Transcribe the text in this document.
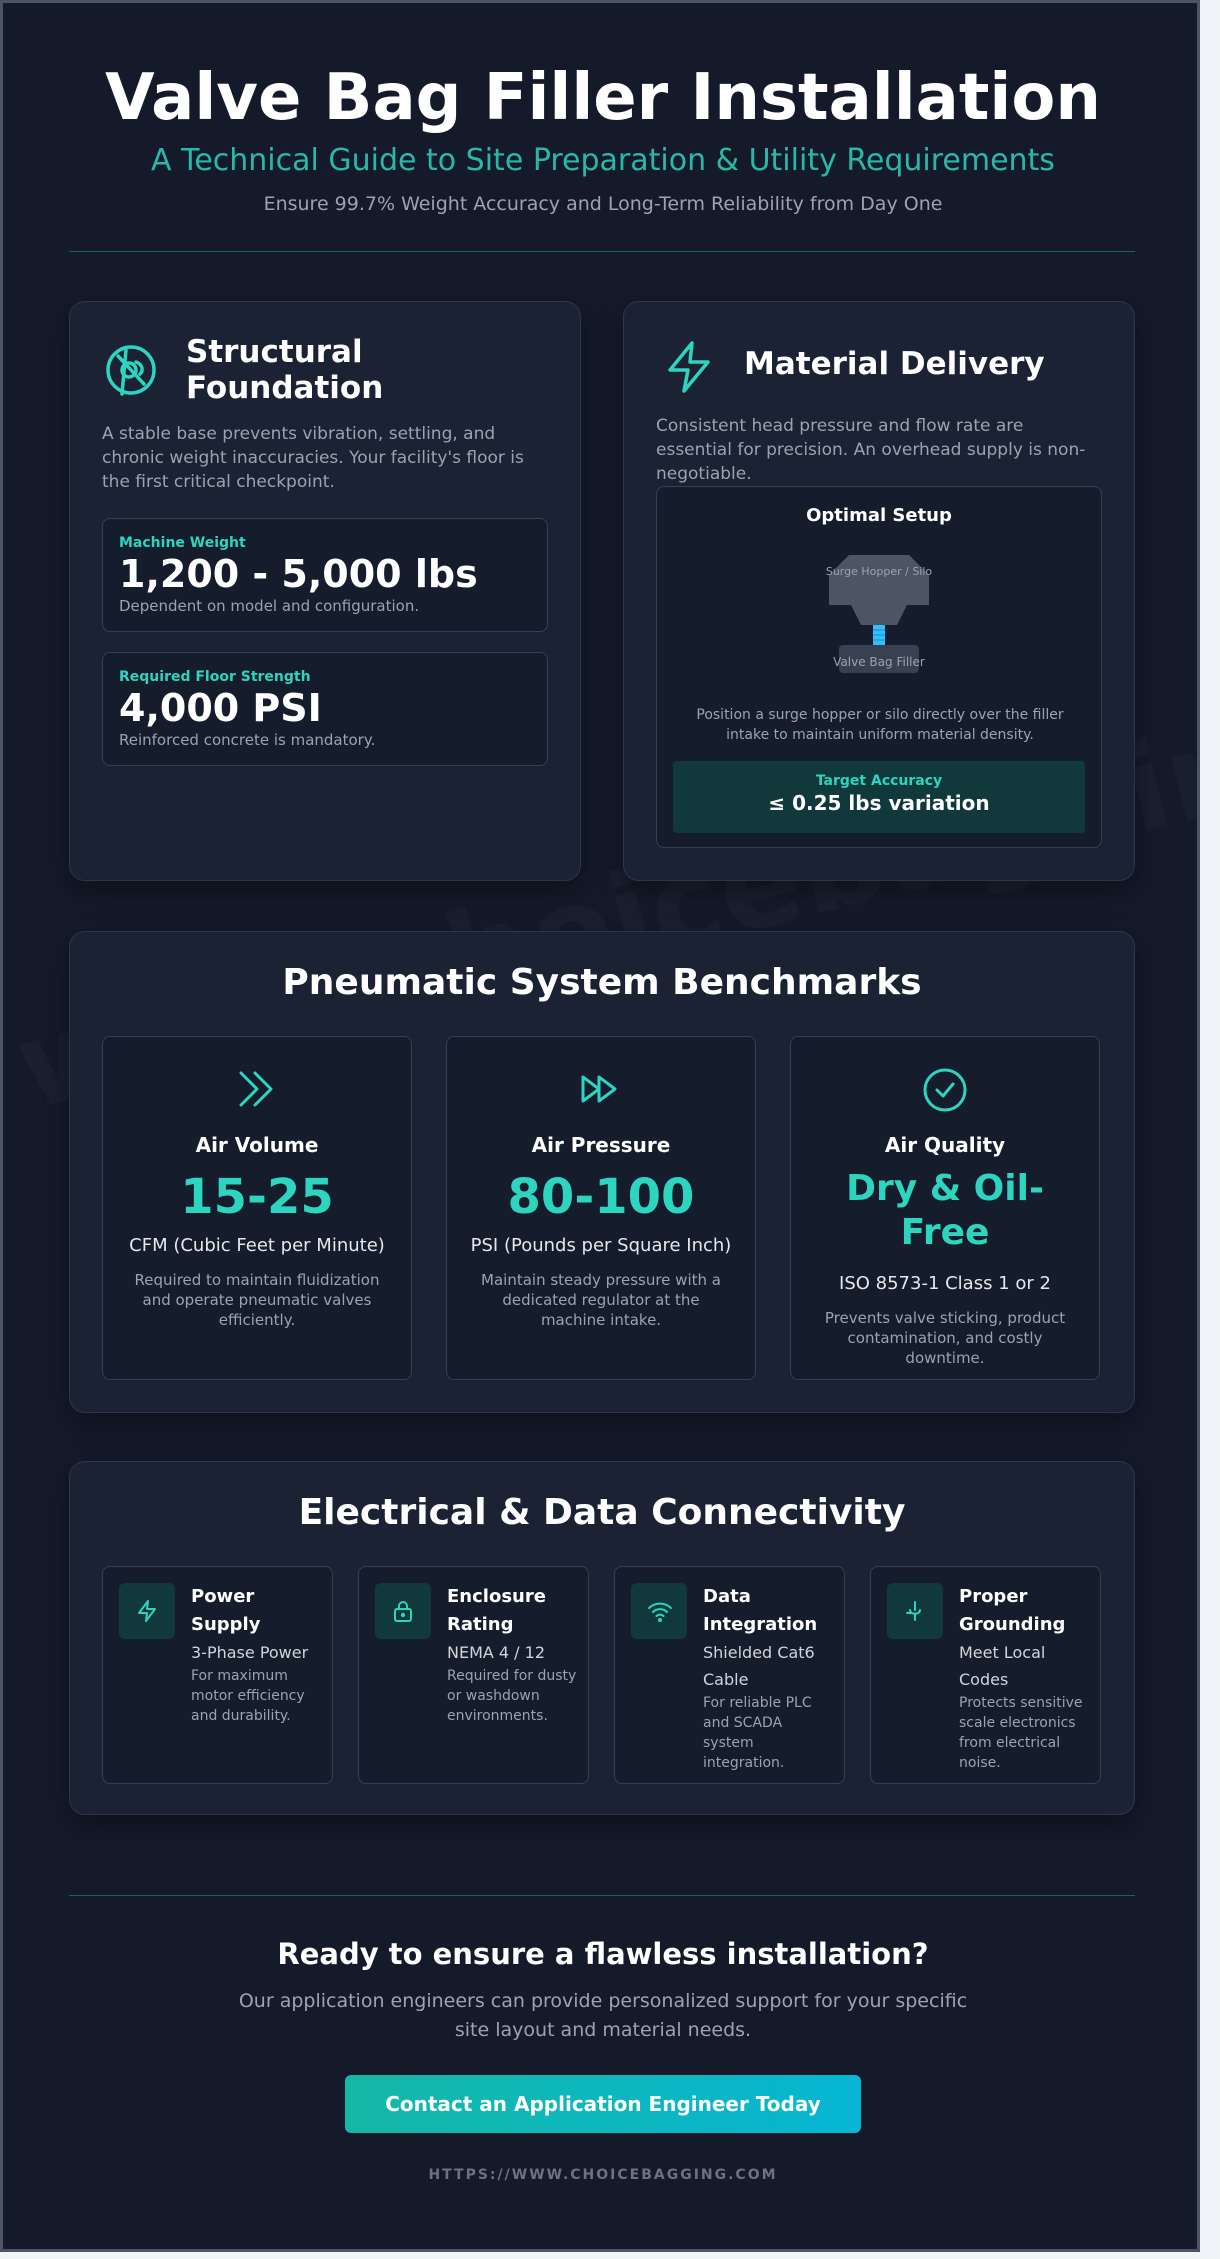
Valve Bag Filler Installation
A Technical Guide to Site Preparation & Utility Requirements
Ensure 99.7% Weight Accuracy and Long-Term Reliability from Day One
Structural Foundation
A stable base prevents vibration, settling, and chronic weight inaccuracies. Your facility's floor is the first critical checkpoint.
Machine Weight
1,200 - 5,000 lbs
Dependent on model and configuration.
Required Floor Strength
4,000 PSI
Reinforced concrete is mandatory.
Material Delivery
Consistent head pressure and flow rate are essential for precision. An overhead supply is non-negotiable.
Optimal Setup
Surge Hopper / Silo
Valve Bag Filler
Position a surge hopper or silo directly over the filler intake to maintain uniform material density.
Target Accuracy
≤ 0.25 lbs variation
Pneumatic System Benchmarks
Air Volume
15-25
CFM (Cubic Feet per Minute)
Required to maintain fluidization and operate pneumatic valves efficiently.
Air Pressure
80-100
PSI (Pounds per Square Inch)
Maintain steady pressure with a dedicated regulator at the machine intake.
Air Quality
Dry & Oil-Free
ISO 8573-1 Class 1 or 2
Prevents valve sticking, product contamination, and costly downtime.
Electrical & Data Connectivity
Power Supply
3-Phase Power
For maximum motor efficiency and durability.
Enclosure Rating
NEMA 4 / 12
Required for dusty or washdown environments.
Data Integration
Shielded Cat6 Cable
For reliable PLC and SCADA system integration.
Proper Grounding
Meet Local Codes
Protects sensitive scale electronics from electrical noise.
Ready to ensure a flawless installation?
Our application engineers can provide personalized support for your specific site layout and material needs.
Contact an Application Engineer Today
HTTPS://WWW.CHOICEBAGGING.COM
